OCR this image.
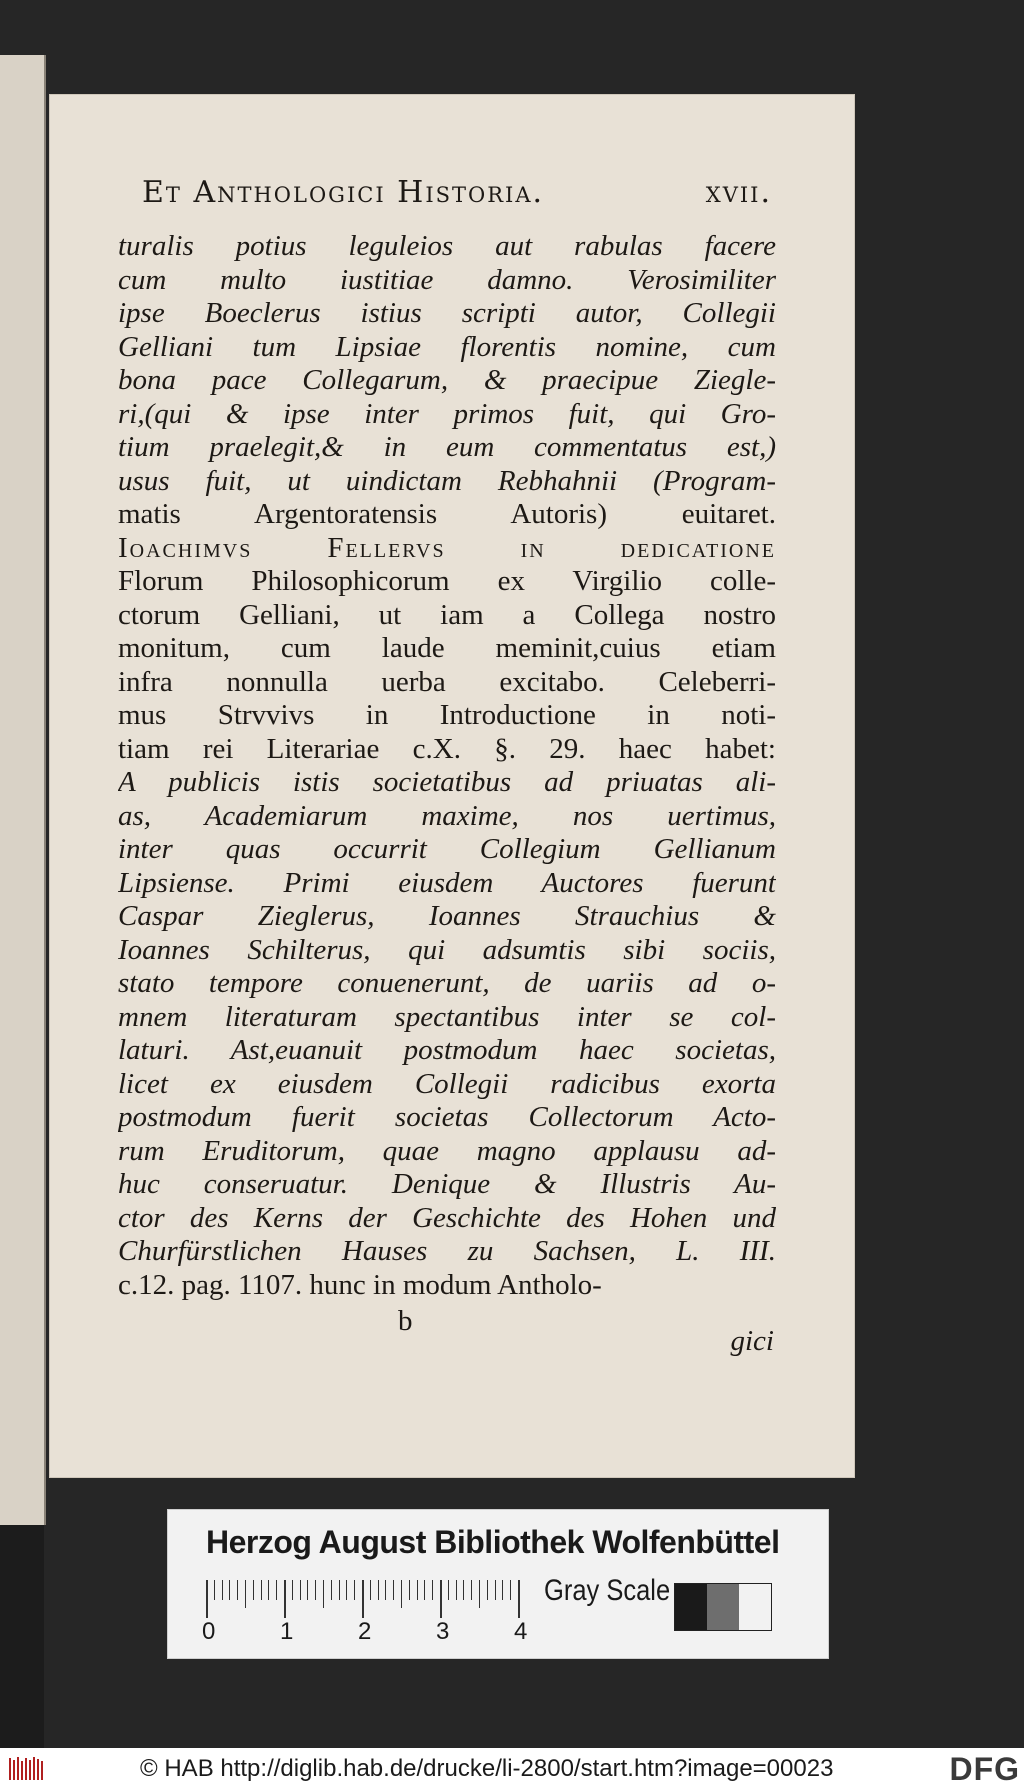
Et Anthologici Historia.	xvii.
turalis potius leguleios aut rabulas facere
cum multo iustitiae damno. Verosimiliter
ipse Boeclerus istius scripti autor, Collegii
Gelliani tum Lipsiae florentis nomine, cum
bona pace Collegarum, & praecipue Ziegle-
ri,(qui & ipse inter primos fuit, qui Gro-
tium praelegit,& in eum commentatus est,)
usus fuit, ut uindictam Rebhahnii (Program-
matis Argentoratensis Autoris) euitaret.
Ioachimvs Fellervs in dedicatione
Florum Philosophicorum ex Virgilio colle-
ctorum Gelliani, ut iam a Collega nostro
monitum, cum laude meminit,cuius etiam
infra nonnulla uerba excitabo. Celeberri-
mus Strvvivs in Introductione in noti-
tiam rei Literariae c.X. §. 29. haec habet:
A publicis istis societatibus ad priuatas ali-
as, Academiarum maxime, nos uertimus,
inter quas occurrit Collegium Gellianum
Lipsiense. Primi eiusdem Auctores fuerunt
Caspar Zieglerus, Ioannes Strauchius &
Ioannes Schilterus, qui adsumtis sibi sociis,
stato tempore conuenerunt, de uariis ad o-
mnem literaturam spectantibus inter se col-
laturi. Ast,euanuit postmodum haec societas,
licet ex eiusdem Collegii radicibus exorta
postmodum fuerit societas Collectorum Acto-
rum Eruditorum, quae magno applausu ad-
huc conseruatur. Denique & Illustris Au-
ctor des Kerns der Geschichte des Hohen und
Churfürstlichen Hauses zu Sachsen, L. III.
c.12. pag. 1107. hunc in modum Antholo-
b
gici
Herzog August Bibliothek Wolfenbüttel
0	1	2	3	4
Gray Scale
© HAB http://diglib.hab.de/drucke/li-2800/start.htm?image=00023	DFG
